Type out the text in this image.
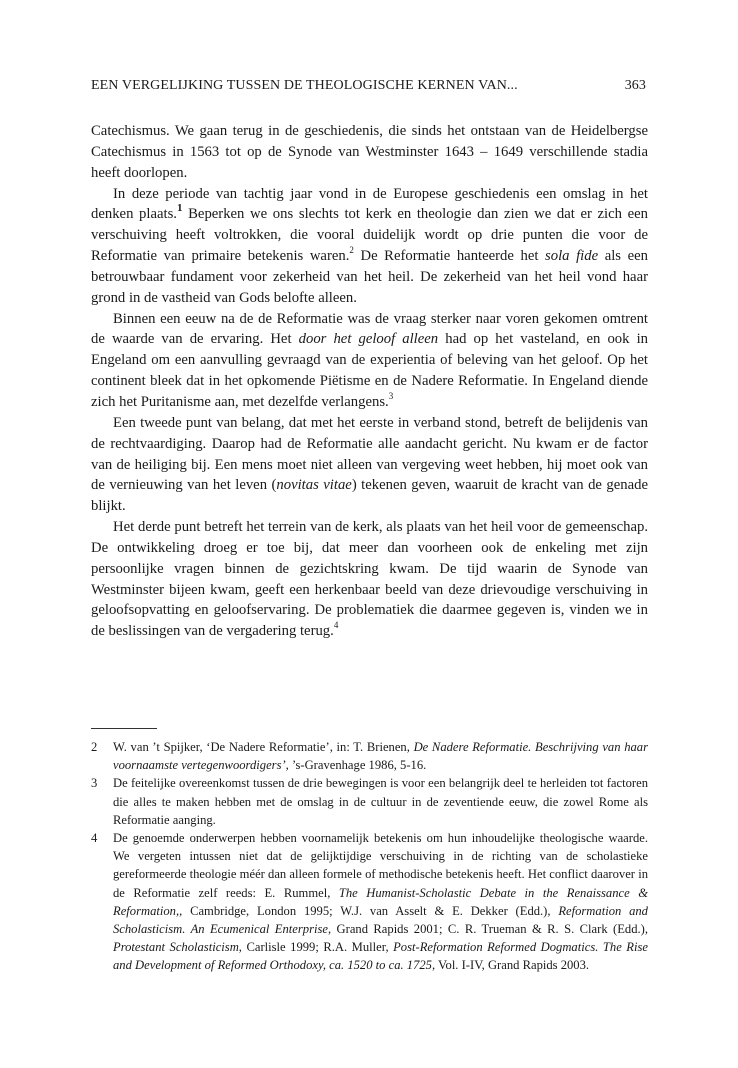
EEN VERGELIJKING TUSSEN DE THEOLOGISCHE KERNEN VAN...	363

Catechismus. We gaan terug in de geschiedenis, die sinds het ontstaan van de Heidelbergse Catechismus in 1563 tot op de Synode van Westminster 1643 – 1649 verschillende stadia heeft doorlopen.

In deze periode van tachtig jaar vond in de Europese geschiedenis een omslag in het denken plaats.$^1$ Beperken we ons slechts tot kerk en theologie dan zien we dat er zich een verschuiving heeft voltrokken, die vooral duidelijk wordt op drie punten die voor de Reformatie van primaire betekenis waren.$^2$ De Reformatie hanteerde het sola fide als een betrouwbaar fundament voor zekerheid van het heil. De zekerheid van het heil vond haar grond in de vastheid van Gods belofte alleen.

Binnen een eeuw na de de Reformatie was de vraag sterker naar voren gekomen omtrent de waarde van de ervaring. Het door het geloof alleen had op het vasteland, en ook in Engeland om een aanvulling gevraagd van de experientia of beleving van het geloof. Op het continent bleek dat in het opkomende Piëtisme en de Nadere Reformatie. In Engeland diende zich het Puritanisme aan, met dezelfde verlangens.$^3$

Een tweede punt van belang, dat met het eerste in verband stond, betreft de belijdenis van de rechtvaardiging. Daarop had de Reformatie alle aandacht gericht. Nu kwam er de factor van de heiliging bij. Een mens moet niet alleen van vergeving weet hebben, hij moet ook van de vernieuwing van het leven (novitas vitae) tekenen geven, waaruit de kracht van de genade blijkt.

Het derde punt betreft het terrein van de kerk, als plaats van het heil voor de gemeenschap. De ontwikkeling droeg er toe bij, dat meer dan voorheen ook de enkeling met zijn persoonlijke vragen binnen de gezichtskring kwam. De tijd waarin de Synode van Westminster bijeen kwam, geeft een herkenbaar beeld van deze drievoudige verschuiving in geloofsopvatting en geloofservaring. De problematiek die daarmee gegeven is, vinden we in de beslissingen van de vergadering terug.$^4$

2 W. van ’t Spijker, ‘De Nadere Reformatie’, in: T. Brienen, De Nadere Reformatie. Beschrijving van haar voornaamste vertegenwoordigers’, ’s-Gravenhage 1986, 5-16.

3 De feitelijke overeenkomst tussen de drie bewegingen is voor een belangrijk deel te herleiden tot factoren die alles te maken hebben met de omslag in de cultuur in de zeventiende eeuw, die zowel Rome als Reformatie aanging.

4 De genoemde onderwerpen hebben voornamelijk betekenis om hun inhoudelijke theologische waarde. We vergeten intussen niet dat de gelijktijdige verschuiving in de richting van de scholastieke gereformeerde theologie méér dan alleen formele of methodische betekenis heeft. Het conflict daarover in de Reformatie zelf reeds: E. Rummel, The Humanist-Scholastic Debate in the Renaissance & Reformation,, Cambridge, London 1995; W.J. van Asselt & E. Dekker (Edd.), Reformation and Scholasticism. An Ecumenical Enterprise, Grand Rapids 2001; C. R. Trueman & R. S. Clark (Edd.), Protestant Scholasticism, Carlisle 1999; R.A. Muller, Post-Reformation Reformed Dogmatics. The Rise and Development of Reformed Orthodoxy, ca. 1520 to ca. 1725, Vol. I-IV, Grand Rapids 2003.
